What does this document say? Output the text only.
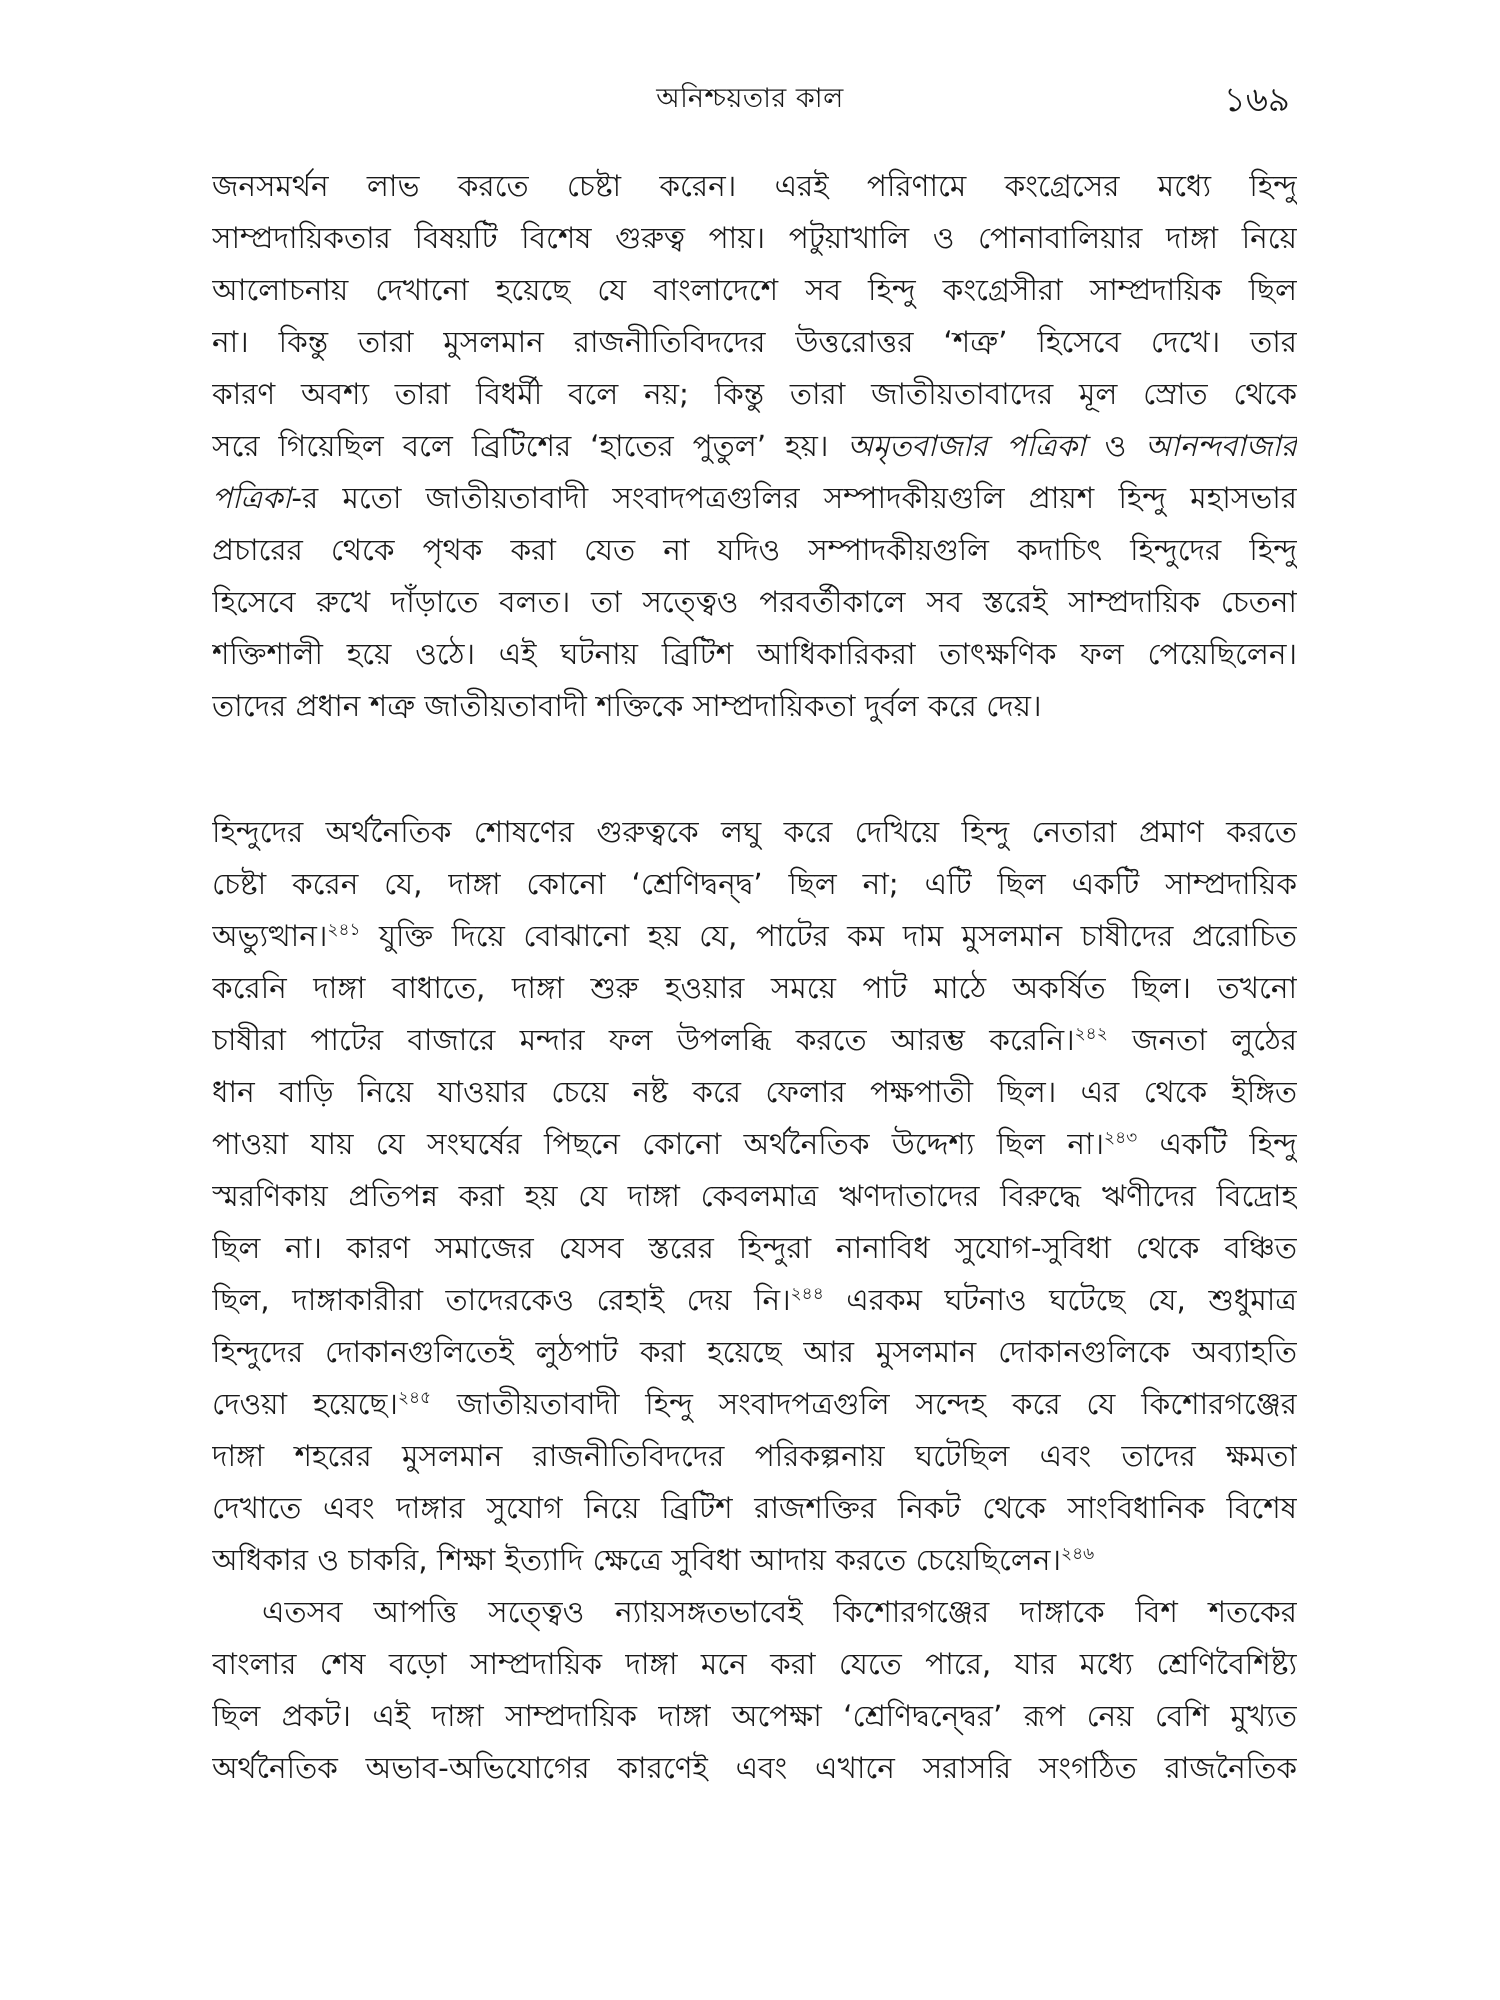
অনিশ্চয়তার কাল	১৬৯
জনসমর্থন লাভ করতে চেষ্টা করেন। এরই পরিণামে কংগ্রেসের মধ্যে হিন্দু
সাম্প্রদায়িকতার বিষয়টি বিশেষ গুরুত্ব পায়। পটুয়াখালি ও পোনাবালিয়ার দাঙ্গা নিয়ে
আলোচনায় দেখানো হয়েছে যে বাংলাদেশে সব হিন্দু কংগ্রেসীরা সাম্প্রদায়িক ছিল
না। কিন্তু তারা মুসলমান রাজনীতিবিদদের উত্তরোত্তর ‘শত্রু’ হিসেবে দেখে। তার
কারণ অবশ্য তারা বিধর্মী বলে নয়; কিন্তু তারা জাতীয়তাবাদের মূল স্রোত থেকে
সরে গিয়েছিল বলে ব্রিটিশের ‘হাতের পুতুল’ হয়। অমৃতবাজার পত্রিকা ও আনন্দবাজার
পত্রিকা-র মতো জাতীয়তাবাদী সংবাদপত্রগুলির সম্পাদকীয়গুলি প্রায়শ হিন্দু মহাসভার
প্রচারের থেকে পৃথক করা যেত না যদিও সম্পাদকীয়গুলি কদাচিৎ হিন্দুদের হিন্দু
হিসেবে রুখে দাঁড়াতে বলত। তা সত্ত্বেও পরবর্তীকালে সব স্তরেই সাম্প্রদায়িক চেতনা
শক্তিশালী হয়ে ওঠে। এই ঘটনায় ব্রিটিশ আধিকারিকরা তাৎক্ষণিক ফল পেয়েছিলেন।
তাদের প্রধান শত্রু জাতীয়তাবাদী শক্তিকে সাম্প্রদায়িকতা দুর্বল করে দেয়।
হিন্দুদের অর্থনৈতিক শোষণের গুরুত্বকে লঘু করে দেখিয়ে হিন্দু নেতারা প্রমাণ করতে
চেষ্টা করেন যে, দাঙ্গা কোনো ‘শ্রেণিদ্বন্দ্ব’ ছিল না; এটি ছিল একটি সাম্প্রদায়িক
অভ্যুত্থান।$^{২৪১}$ যুক্তি দিয়ে বোঝানো হয় যে, পাটের কম দাম মুসলমান চাষীদের প্ররোচিত
করেনি দাঙ্গা বাধাতে, দাঙ্গা শুরু হওয়ার সময়ে পাট মাঠে অকর্ষিত ছিল। তখনো
চাষীরা পাটের বাজারে মন্দার ফল উপলব্ধি করতে আরম্ভ করেনি।$^{২৪২}$ জনতা লুঠের
ধান বাড়ি নিয়ে যাওয়ার চেয়ে নষ্ট করে ফেলার পক্ষপাতী ছিল। এর থেকে ইঙ্গিত
পাওয়া যায় যে সংঘর্ষের পিছনে কোনো অর্থনৈতিক উদ্দেশ্য ছিল না।$^{২৪৩}$ একটি হিন্দু
স্মরণিকায় প্রতিপন্ন করা হয় যে দাঙ্গা কেবলমাত্র ঋণদাতাদের বিরুদ্ধে ঋণীদের বিদ্রোহ
ছিল না। কারণ সমাজের যেসব স্তরের হিন্দুরা নানাবিধ সুযোগ-সুবিধা থেকে বঞ্চিত
ছিল, দাঙ্গাকারীরা তাদেরকেও রেহাই দেয় নি।$^{২৪৪}$ এরকম ঘটনাও ঘটেছে যে, শুধুমাত্র
হিন্দুদের দোকানগুলিতেই লুঠপাট করা হয়েছে আর মুসলমান দোকানগুলিকে অব্যাহতি
দেওয়া হয়েছে।$^{২৪৫}$ জাতীয়তাবাদী হিন্দু সংবাদপত্রগুলি সন্দেহ করে যে কিশোরগঞ্জের
দাঙ্গা শহরের মুসলমান রাজনীতিবিদদের পরিকল্পনায় ঘটেছিল এবং তাদের ক্ষমতা
দেখাতে এবং দাঙ্গার সুযোগ নিয়ে ব্রিটিশ রাজশক্তির নিকট থেকে সাংবিধানিক বিশেষ
অধিকার ও চাকরি, শিক্ষা ইত্যাদি ক্ষেত্রে সুবিধা আদায় করতে চেয়েছিলেন।$^{২৪৬}$
এতসব আপত্তি সত্ত্বেও ন্যায়সঙ্গতভাবেই কিশোরগঞ্জের দাঙ্গাকে বিশ শতকের
বাংলার শেষ বড়ো সাম্প্রদায়িক দাঙ্গা মনে করা যেতে পারে, যার মধ্যে শ্রেণিবৈশিষ্ট্য
ছিল প্রকট। এই দাঙ্গা সাম্প্রদায়িক দাঙ্গা অপেক্ষা ‘শ্রেণিদ্বন্দ্বের’ রূপ নেয় বেশি মুখ্যত
অর্থনৈতিক অভাব-অভিযোগের কারণেই এবং এখানে সরাসরি সংগঠিত রাজনৈতিক
